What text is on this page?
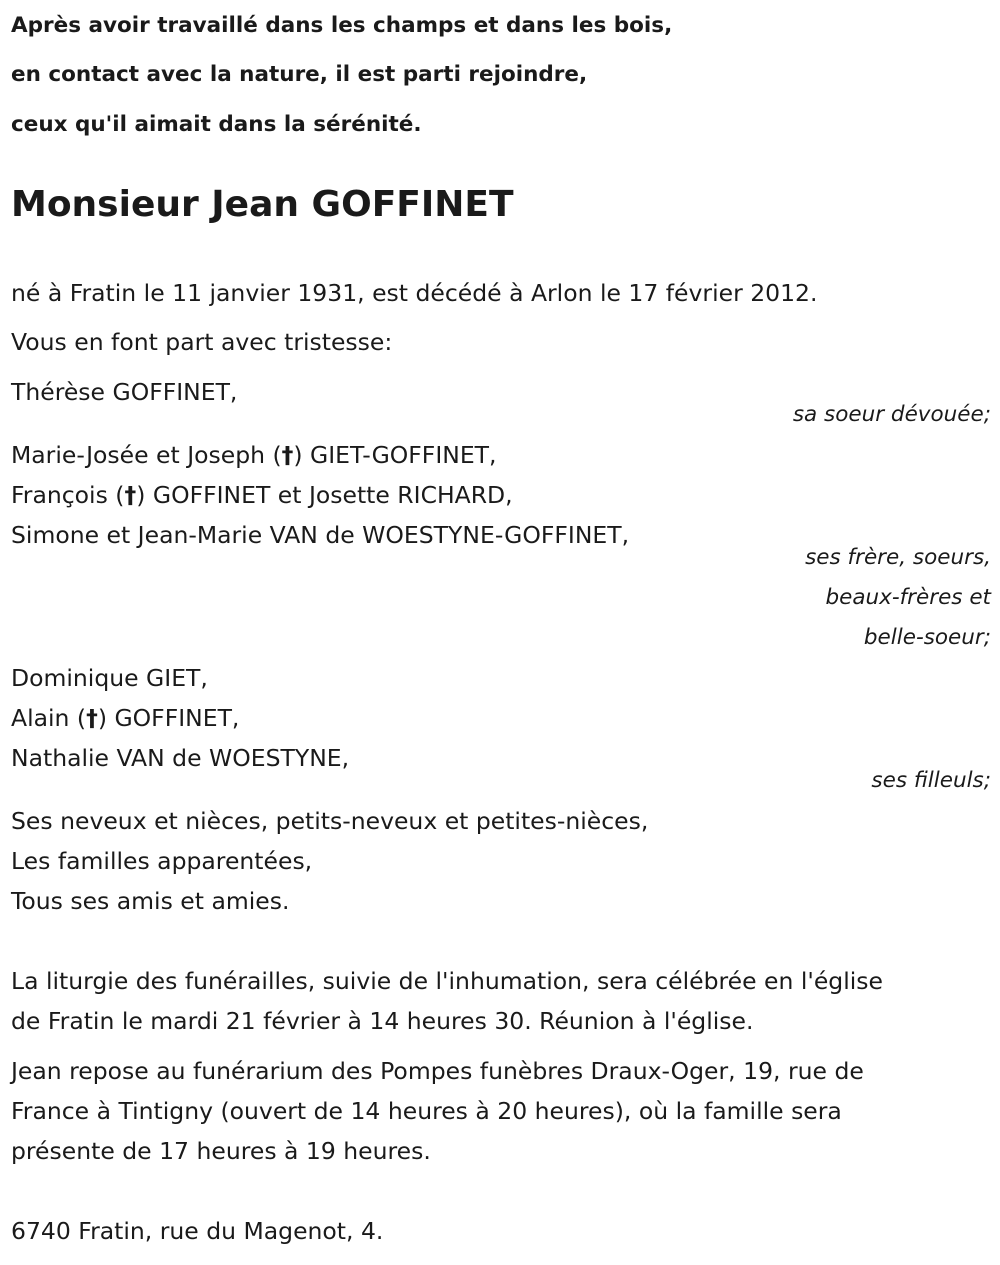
Après avoir travaillé dans les champs et dans les bois,
en contact avec la nature, il est parti rejoindre,
ceux qu'il aimait dans la sérénité.
Monsieur Jean GOFFINET
né à Fratin le 11 janvier 1931, est décédé à Arlon le 17 février 2012.
Vous en font part avec tristesse:
Thérèse GOFFINET,
sa soeur dévouée;
Marie-Josée et Joseph (†) GIET-GOFFINET,
François (†) GOFFINET et Josette RICHARD,
Simone et Jean-Marie VAN de WOESTYNE-GOFFINET,
ses frère, soeurs,
beaux-frères et
belle-soeur;
Dominique GIET,
Alain (†) GOFFINET,
Nathalie VAN de WOESTYNE,
ses filleuls;
Ses neveux et nièces, petits-neveux et petites-nièces,
Les familles apparentées,
Tous ses amis et amies.
La liturgie des funérailles, suivie de l'inhumation, sera célébrée en l'église
de Fratin le mardi 21 février à 14 heures 30. Réunion à l'église.
Jean repose au funérarium des Pompes funèbres Draux-Oger, 19, rue de
France à Tintigny (ouvert de 14 heures à 20 heures), où la famille sera
présente de 17 heures à 19 heures.
6740 Fratin, rue du Magenot, 4.
